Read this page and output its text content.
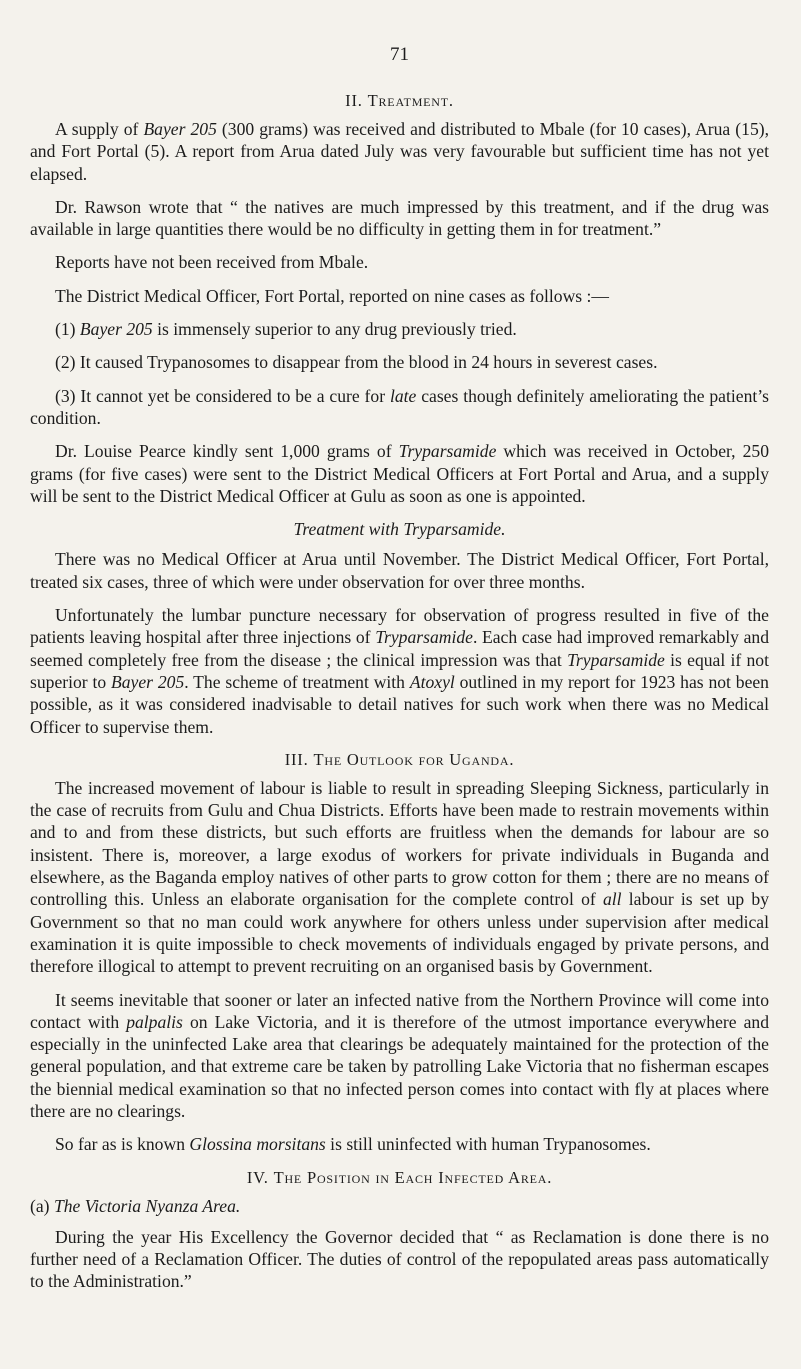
71
II. Treatment.

A supply of Bayer 205 (300 grams) was received and distributed to Mbale (for 10 cases), Arua (15), and Fort Portal (5). A report from Arua dated July was very favourable but sufficient time has not yet elapsed.

Dr. Rawson wrote that “ the natives are much impressed by this treatment, and if the drug was available in large quantities there would be no difficulty in getting them in for treatment.”

Reports have not been received from Mbale.

The District Medical Officer, Fort Portal, reported on nine cases as follows :—

(1) Bayer 205 is immensely superior to any drug previously tried.

(2) It caused Trypanosomes to disappear from the blood in 24 hours in severest cases.

(3) It cannot yet be considered to be a cure for late cases though definitely ameliorating the patient’s condition.

Dr. Louise Pearce kindly sent 1,000 grams of Tryparsamide which was received in October, 250 grams (for five cases) were sent to the District Medical Officers at Fort Portal and Arua, and a supply will be sent to the District Medical Officer at Gulu as soon as one is appointed.

Treatment with Tryparsamide.

There was no Medical Officer at Arua until November. The District Medical Officer, Fort Portal, treated six cases, three of which were under observation for over three months.

Unfortunately the lumbar puncture necessary for observation of progress resulted in five of the patients leaving hospital after three injections of Tryparsamide. Each case had improved remarkably and seemed completely free from the disease ; the clinical impression was that Tryparsamide is equal if not superior to Bayer 205. The scheme of treatment with Atoxyl outlined in my report for 1923 has not been possible, as it was considered inadvisable to detail natives for such work when there was no Medical Officer to supervise them.

III. The Outlook for Uganda.

The increased movement of labour is liable to result in spreading Sleeping Sickness, particularly in the case of recruits from Gulu and Chua Districts. Efforts have been made to restrain movements within and to and from these districts, but such efforts are fruitless when the demands for labour are so insistent. There is, moreover, a large exodus of workers for private individuals in Buganda and elsewhere, as the Baganda employ natives of other parts to grow cotton for them ; there are no means of controlling this. Unless an elaborate organisation for the complete control of all labour is set up by Government so that no man could work anywhere for others unless under supervision after medical examination it is quite impossible to check movements of individuals engaged by private persons, and therefore illogical to attempt to prevent recruiting on an organised basis by Government.

It seems inevitable that sooner or later an infected native from the Northern Province will come into contact with palpalis on Lake Victoria, and it is therefore of the utmost importance everywhere and especially in the uninfected Lake area that clearings be adequately maintained for the protection of the general population, and that extreme care be taken by patrolling Lake Victoria that no fisherman escapes the biennial medical examination so that no infected person comes into contact with fly at places where there are no clearings.

So far as is known Glossina morsitans is still uninfected with human Trypanosomes.

IV. The Position in Each Infected Area.

(a) The Victoria Nyanza Area.

During the year His Excellency the Governor decided that “ as Reclamation is done there is no further need of a Reclamation Officer. The duties of control of the repopulated areas pass automatically to the Administration.”
